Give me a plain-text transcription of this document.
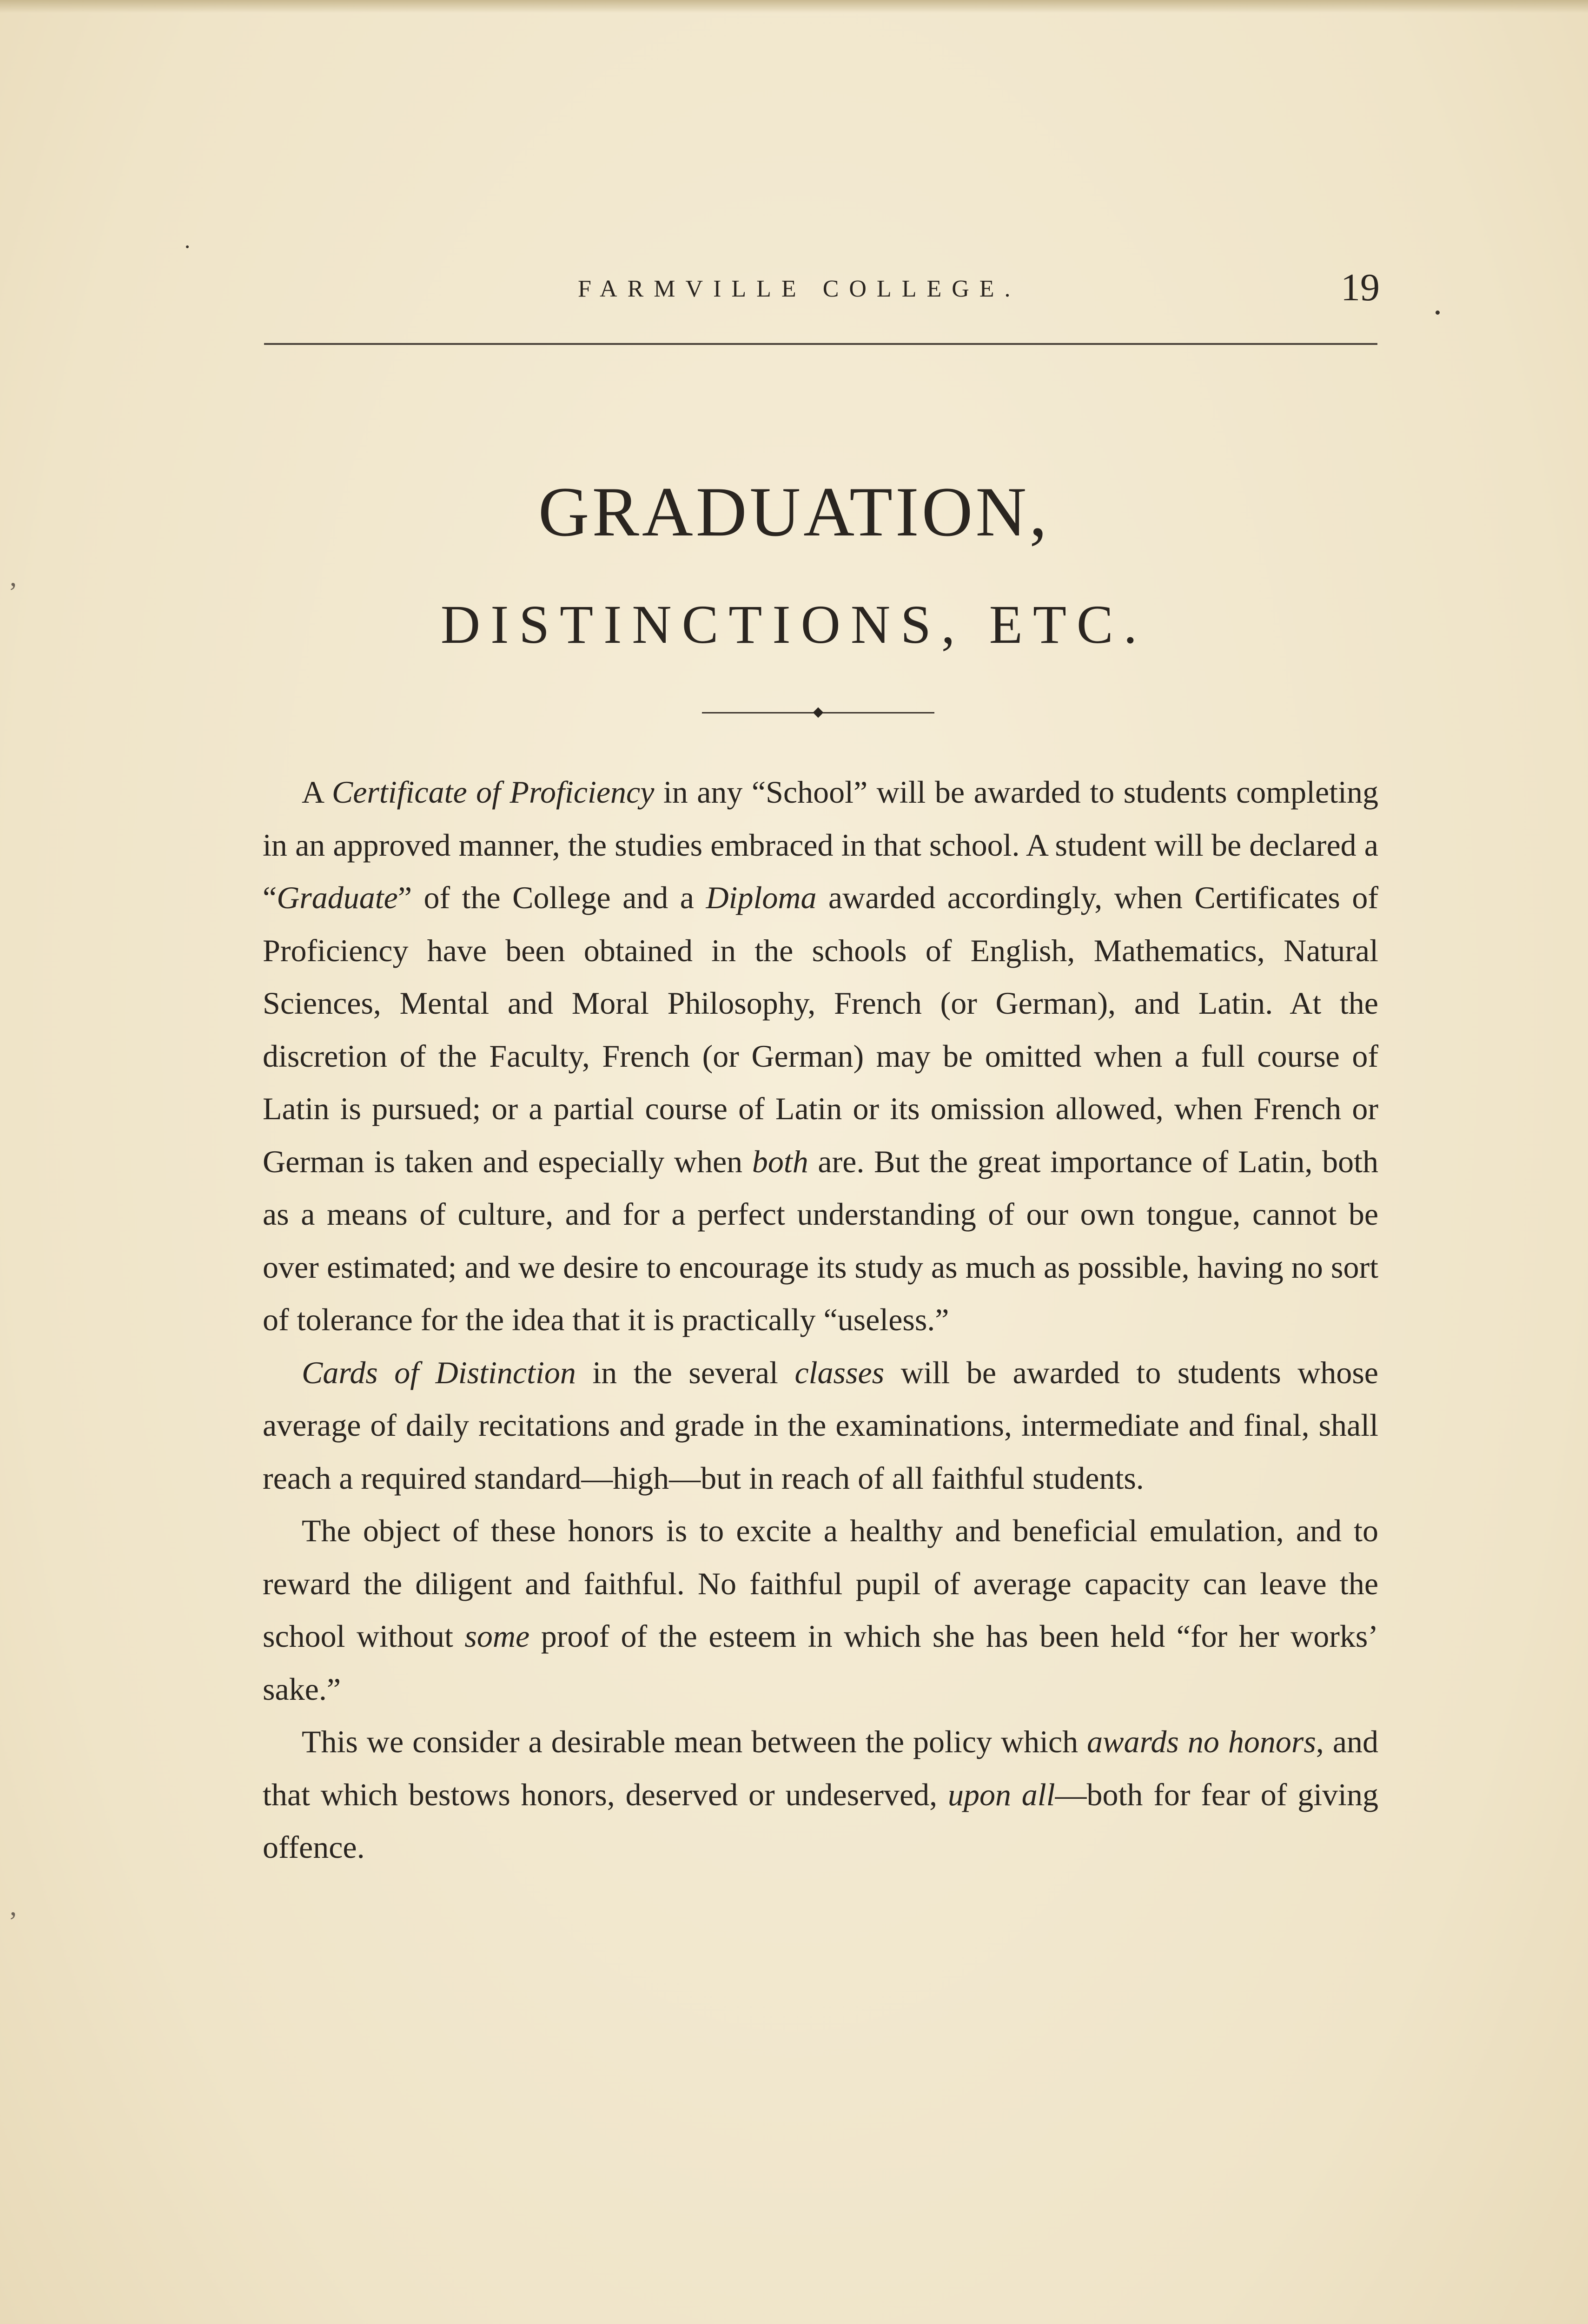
FARMVILLE COLLEGE.	19
GRADUATION,
DISTINCTIONS, ETC.

A Certificate of Proficiency in any “School” will be awarded to students completing in an approved manner, the studies embraced in that school. A student will be declared a “Graduate” of the College and a Diploma awarded accordingly, when Certificates of Proficiency have been obtained in the schools of English, Mathematics, Natural Sciences, Mental and Moral Philosophy, French (or German), and Latin. At the discretion of the Faculty, French (or German) may be omitted when a full course of Latin is pursued; or a partial course of Latin or its omission allowed, when French or German is taken and especially when both are. But the great importance of Latin, both as a means of culture, and for a perfect understanding of our own tongue, cannot be over estimated; and we desire to encourage its study as much as possible, having no sort of tolerance for the idea that it is practically “useless.”

Cards of Distinction in the several classes will be awarded to students whose average of daily recitations and grade in the examinations, intermediate and final, shall reach a required standard—high—but in reach of all faithful students.

The object of these honors is to excite a healthy and beneficial emulation, and to reward the diligent and faithful. No faithful pupil of average capacity can leave the school without some proof of the esteem in which she has been held “for her works’ sake.”

This we consider a desirable mean between the policy which awards no honors, and that which bestows honors, deserved or undeserved, upon all—both for fear of giving offence.

ʼ
ʼ
